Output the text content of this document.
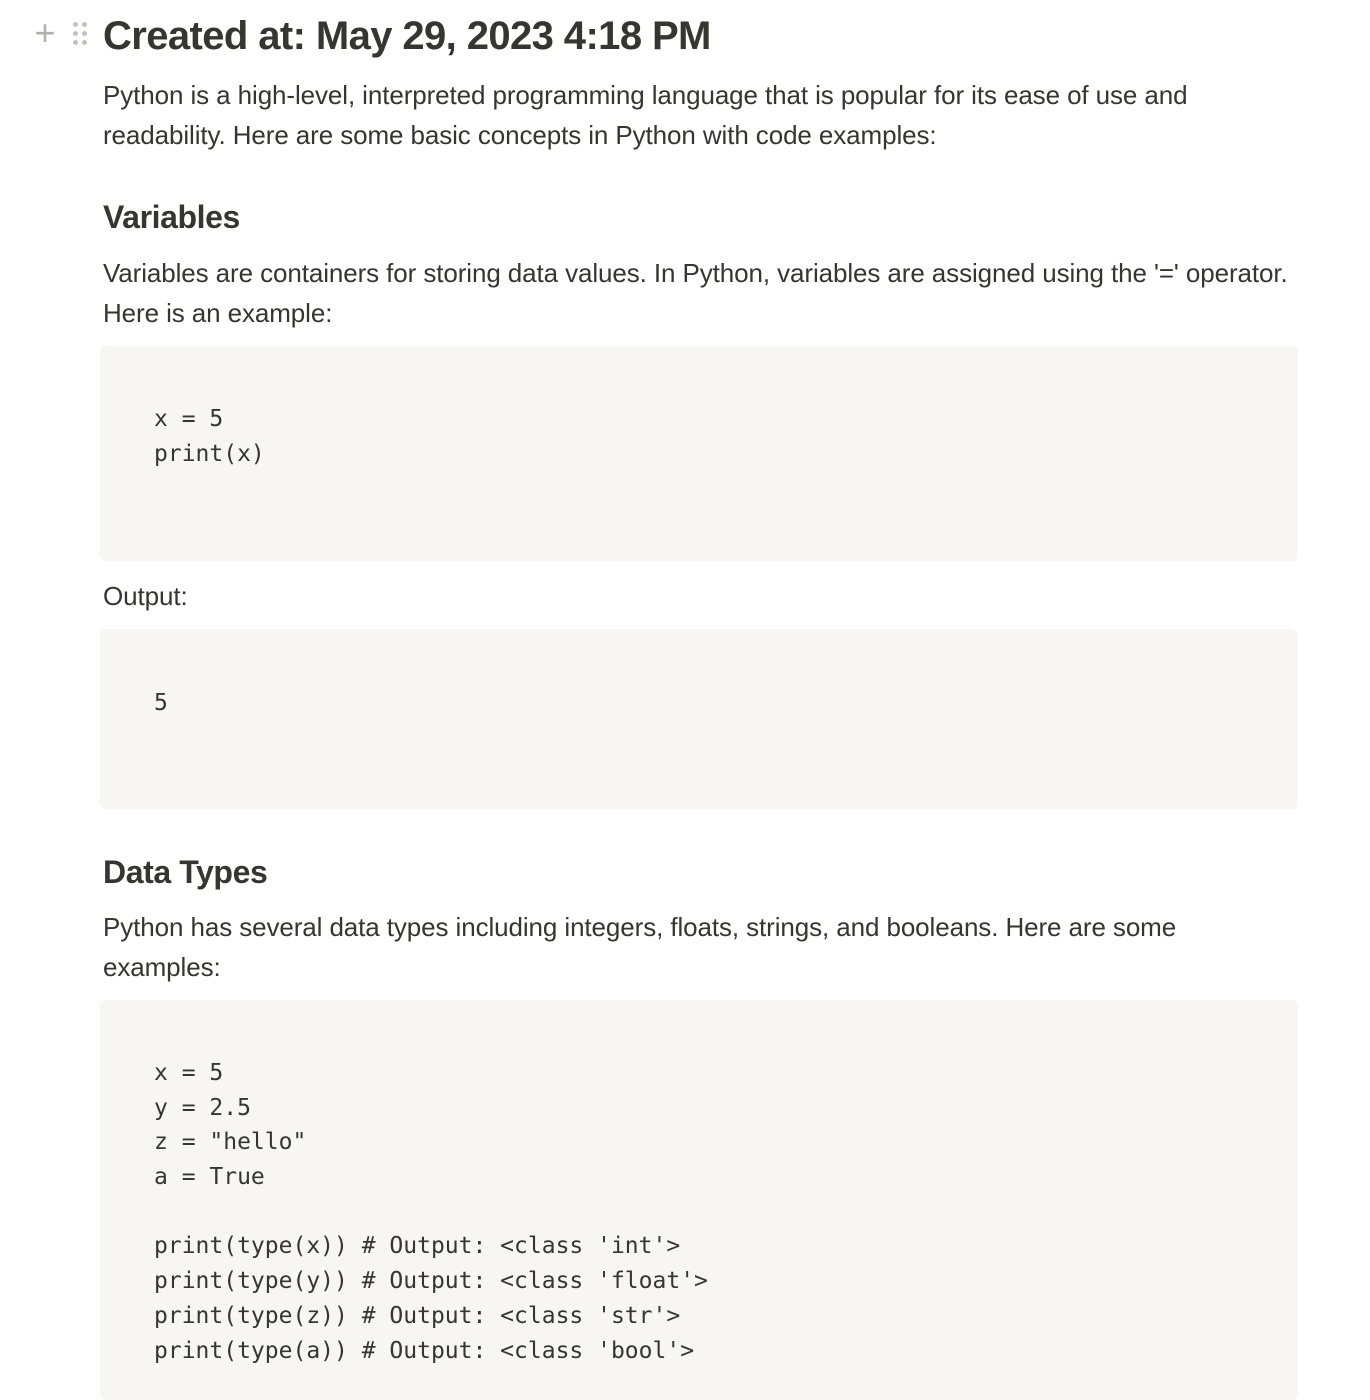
+ Created at: May 29, 2023 4:18 PM
Python is a high-level, interpreted programming language that is popular for its ease of use and readability. Here are some basic concepts in Python with code examples:
Variables
Variables are containers for storing data values. In Python, variables are assigned using the '=' operator. Here is an example:
x = 5
print(x)
Output:
5
Data Types
Python has several data types including integers, floats, strings, and booleans. Here are some examples:
x = 5
y = 2.5
z = "hello"
a = True
print(type(x)) # Output: <class 'int'>
print(type(y)) # Output: <class 'float'>
print(type(z)) # Output: <class 'str'>
print(type(a)) # Output: <class 'bool'>
